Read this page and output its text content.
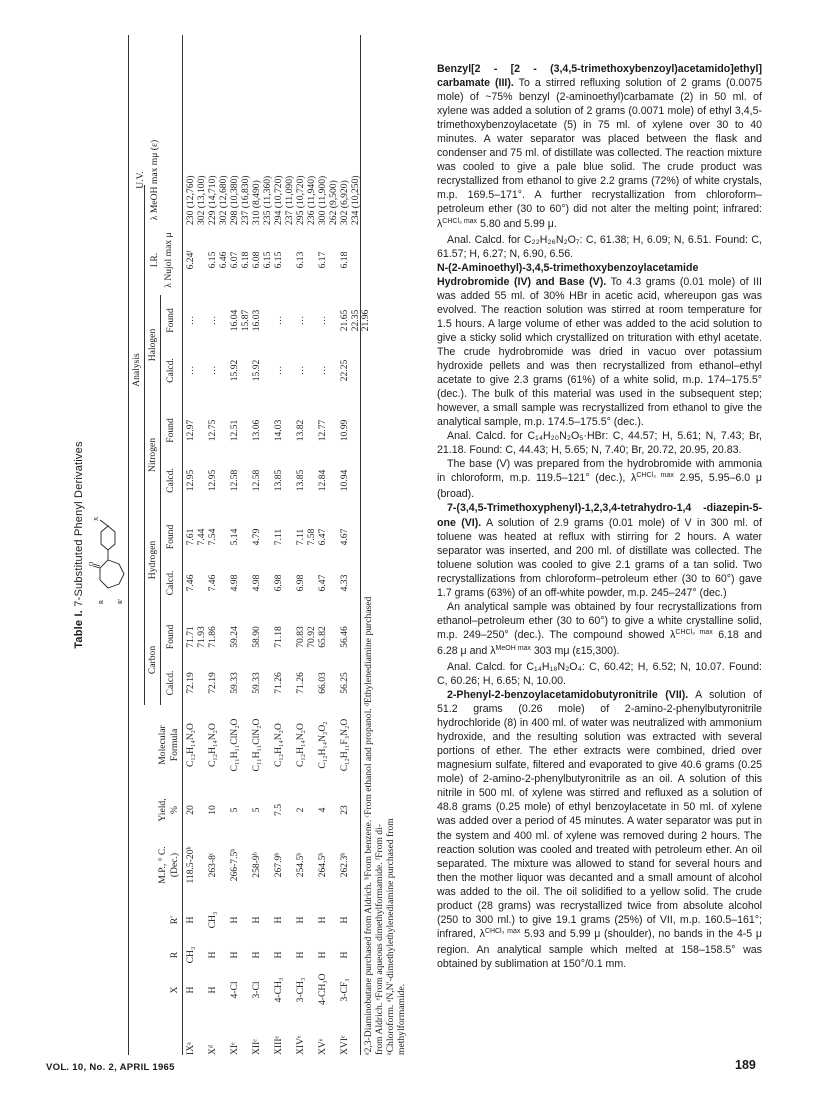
Table I. 7-Substituted Phenyl Derivatives O
R R′
X
Analysis
Carbon
Hydrogen
Nitrogen
Halogen
X
R
R′
M.P., ° C. (Dec.)
Yield, %
Molecular Formula
Calcd.
Found
Calcd.
Found
Calcd.
Found
Calcd.
Found
I.R. λ Nujol max μ
U.V. λ MeOH max mμ (ε)
IXᵃ
H
CH₃
H
118.5-20ᵇ
20
C₁₂H₁₄N₂O
72.19
71.71
71.93
7.46
7.61
7.44
12.95
12.97
…
…
6.24ᶠ
230 (12,760)
302 (13,100)
Xᵈ
H
H
CH₃
263-8ᶜ
10
C₁₂H₁₄N₂O
72.19
71.86
7.46
7.54
12.95
12.75
…
…
6.15
6.46
229 (14,710)
302 (12,680)
XIᵉ
4-Cl
H
H
266-7.5ᵇ
5
C₁₁H₁₁ClN₂O
59.33
59.24
4.98
5.14
12.58
12.51
15.92
16.04
15.87
6.07
6.18
298 (10,380)
237 (16,830)
XIIᵉ
3-Cl
H
H
258-9ᵇ
5
C₁₁H₁₁ClN₂O
59.33
58.90
4.98
4.79
12.58
13.06
15.92
16.03
6.08
6.15
310 (8,490)
235 (11,360)
XIIIᵉ
4-CH₃
H
H
267.9ᵇ
7.5
C₁₂H₁₄N₂O
71.26
71.18
6.98
7.11
13.85
14.03
…
…
6.15
294 (10,720)
237 (11,090)
XIVᵉ
3-CH₃
H
H
254.5ᵇ
2
C₁₂H₁₄N₂O
71.26
70.83
70.92
6.98
7.11
7.58
13.85
13.82
…
…
6.13
295 (10,720)
236 (11,940)
XVᵉ
4-CH₃O
H
H
264.5ᵇ
4
C₁₂H₁₄N₂O₂
66.03
65.82
6.47
6.47
12.84
12.77
…
…
6.17
300 (11,900)
262 (9,500)
XVIᵉ
3-CF₃
H
H
262.3ᵇ
23
C₁₂H₁₁F₃N₂O
56.25
56.46
4.33
4.67
10.94
10.99
22.25
21.65
22.35
21.96
6.18
302 (6,920)
234 (10,250)
ᵃ2,3-Diaminobutane purchased from Aldrich. ᵇFrom benzene. ᶜFrom ethanol and propanol. ᵈEthylenediamine purchased from Aldrich. ᵉFrom aqueous dimethylformamide. ᶠFrom di- ᵃChloroform. ᵃN,N′-dimethylethylenediamine purchased from methylformamide.

Benzyl[2 - [2 - (3,4,5-trimethoxybenzoyl)acetamido]ethyl] carbamate (III). To a stirred refluxing solution of 2 grams (0.0075 mole) of ~75% benzyl (2-aminoethyl)carbamate (2) in 50 ml. of xylene was added a solution of 2 grams (0.0071 mole) of ethyl 3,4,5-trimethoxybenzoylacetate (5) in 75 ml. of xylene over 30 to 40 minutes. A water separator was placed between the flask and condenser and 75 ml. of distillate was collected. The reaction mixture was cooled to give a pale blue solid. The crude product was recrystallized from ethanol to give 2.2 grams (72%) of white crystals, m.p. 169.5–171°. A further recrystallization from chloroform–petroleum ether (30 to 60°) did not alter the melting point; infrared: $\lambda^{CHCl_3 max}$ 5.80 and 5.99 μ.

Anal. Calcd. for C₂₂H₂₆N₂O₇: C, 61.38; H, 6.09; N, 6.51. Found: C, 61.57; H, 6.27; N, 6.90, 6.56.

N-(2-Aminoethyl)-3,4,5-trimethoxybenzoylacetamide Hydrobromide (IV) and Base (V). To 4.3 grams (0.01 mole) of III was added 55 ml. of 30% HBr in acetic acid, whereupon gas was evolved. The reaction solution was stirred at room temperature for 1.5 hours. A large volume of ether was added to the acid solution to give a sticky solid which crystallized on trituration with ethyl acetate. The crude hydrobromide was dried in vacuo over potassium hydroxide pellets and was then recrystallized from ethanol–ethyl acetate to give 2.3 grams (61%) of a white solid, m.p. 174–175.5° (dec.). The bulk of this material was used in the subsequent step; however, a small sample was recrystallized from ethanol to give the analytical sample, m.p. 174.5–175.5° (dec.).

Anal. Calcd. for C₁₄H₂₀N₂O₅·HBr: C, 44.57; H, 5.61; N, 7.43; Br, 21.18. Found: C, 44.43; H, 5.65; N, 7.40; Br, 20.72, 20.95, 20.83.

The base (V) was prepared from the hydrobromide with ammonia in chloroform, m.p. 119.5–121° (dec.), $\lambda^{CHCl_3 max}$ 2.95, 5.95–6.0 μ (broad).

7-(3,4,5-Trimethoxyphenyl)-1,2,3,4-tetrahydro-1,4 -diazepin-5-one (VI). A solution of 2.9 grams (0.01 mole) of V in 300 ml. of toluene was heated at reflux with stirring for 2 hours. A water separator was inserted, and 200 ml. of distillate was collected. The toluene solution was cooled to give 2.1 grams of a tan solid. Two recrystallizations from chloroform–petroleum ether (30 to 60°) gave 1.7 grams (63%) of an off-white powder, m.p. 245–247° (dec.)

An analytical sample was obtained by four recrystallizations from ethanol–petroleum ether (30 to 60°) to give a white crystalline solid, m.p. 249–250° (dec.). The compound showed $\lambda^{CHCl_3 max}$ 6.18 and 6.28 μ and $\lambda^{MeOH max}$ 303 mμ (ε15,300).

Anal. Calcd. for C₁₄H₁₈N₂O₄: C, 60.42; H, 6.52; N, 10.07. Found: C, 60.26; H, 6.65; N, 10.00.

2-Phenyl-2-benzoylacetamidobutyronitrile (VII). A solution of 51.2 grams (0.26 mole) of 2-amino-2-phenylbutyronitrile hydrochloride (8) in 400 ml. of water was neutralized with ammonium hydroxide, and the resulting solution was extracted with several portions of ether. The ether extracts were combined, dried over magnesium sulfate, filtered and evaporated to give 40.6 grams (0.25 mole) of 2-amino-2-phenylbutyronitrile as an oil. A solution of this nitrile in 500 ml. of xylene was stirred and refluxed as a solution of 48.8 grams (0.25 mole) of ethyl benzoylacetate in 50 ml. of xylene was added over a period of 45 minutes. A water separator was put in the system and 400 ml. of xylene was removed during 2 hours. The reaction solution was cooled and treated with petroleum ether. An oil separated. The mixture was allowed to stand for several hours and then the mother liquor was decanted and a small amount of alcohol was added to the oil. The oil solidified to a yellow solid. The crude product (28 grams) was recrystallized twice from absolute alcohol (250 to 300 ml.) to give 19.1 grams (25%) of VII, m.p. 160.5–161°; infrared, $\lambda^{CHCl_3 max}$ 5.93 and 5.99 μ (shoulder), no bands in the 4-5 μ region. An analytical sample which melted at 158–158.5° was obtained by sublimation at 150°/0.1 mm.

VOL. 10, No. 2, APRIL 1965	189
